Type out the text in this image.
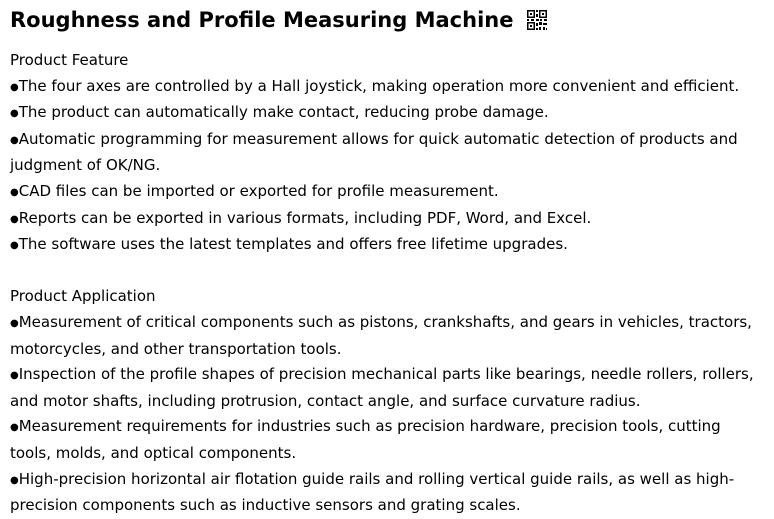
Roughness and Profile Measuring Machine
Product Feature
●The four axes are controlled by a Hall joystick, making operation more convenient and efficient.
●The product can automatically make contact, reducing probe damage.
●Automatic programming for measurement allows for quick automatic detection of products and judgment of OK/NG.
●CAD files can be imported or exported for profile measurement.
●Reports can be exported in various formats, including PDF, Word, and Excel.
●The software uses the latest templates and offers free lifetime upgrades.
Product Application
●Measurement of critical components such as pistons, crankshafts, and gears in vehicles, tractors, motorcycles, and other transportation tools.
●Inspection of the profile shapes of precision mechanical parts like bearings, needle rollers, rollers, and motor shafts, including protrusion, contact angle, and surface curvature radius.
●Measurement requirements for industries such as precision hardware, precision tools, cutting tools, molds, and optical components.
●High-precision horizontal air flotation guide rails and rolling vertical guide rails, as well as high-precision components such as inductive sensors and grating scales.
